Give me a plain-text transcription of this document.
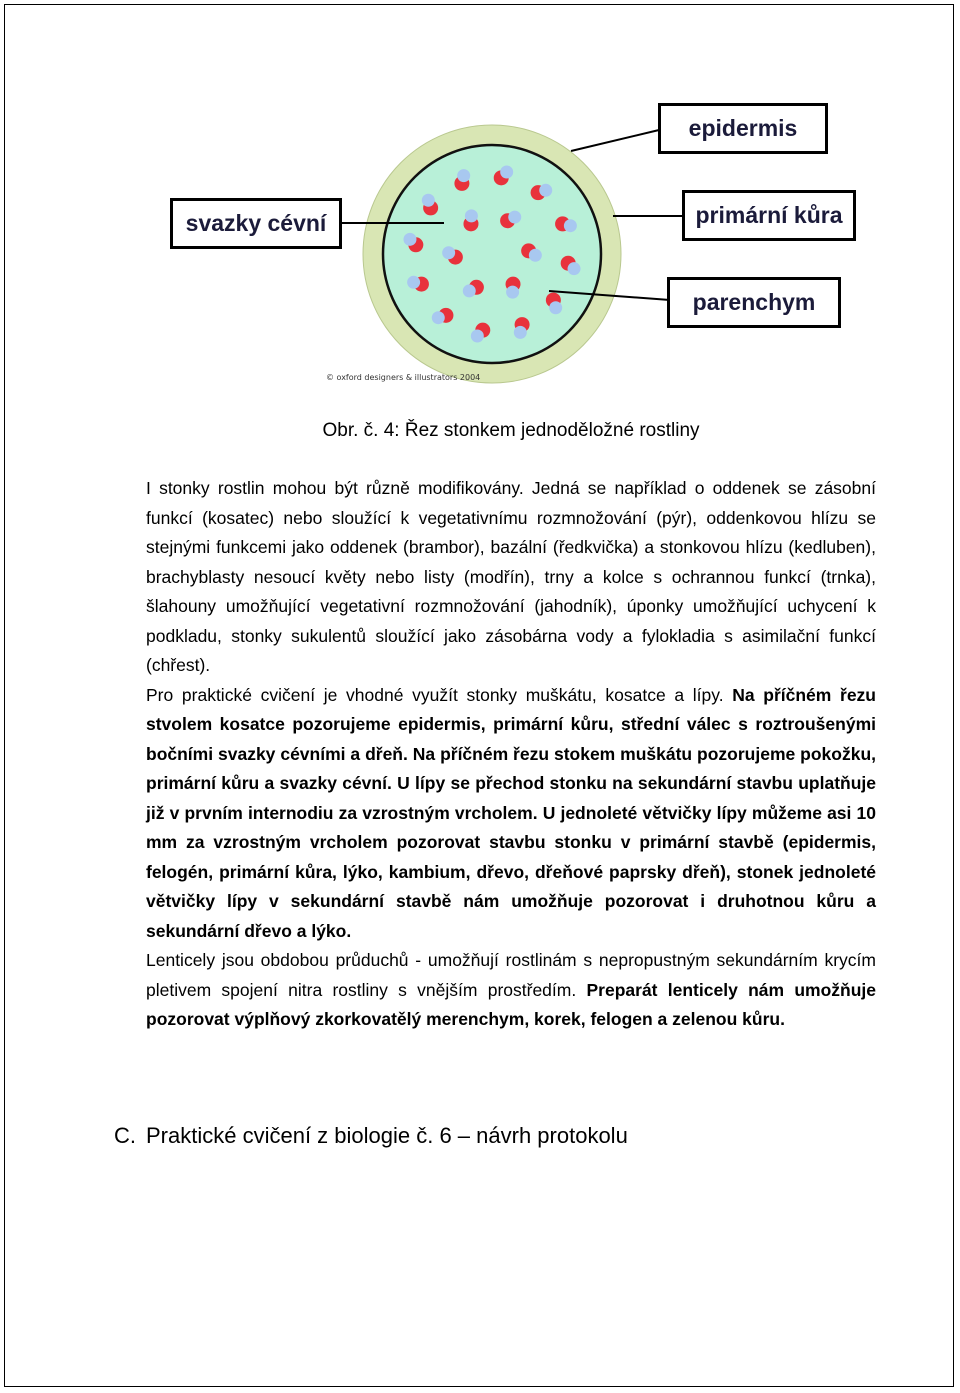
epidermis
primární kůra
parenchym
svazky cévní
© oxford designers & illustrators 2004
Obr. č. 4: Řez stonkem jednoděložné rostliny

I stonky rostlin mohou být různě modifikovány. Jedná se například o oddenek se zásobní funkcí (kosatec) nebo sloužící k vegetativnímu rozmnožování (pýr), oddenkovou hlízu se stejnými funkcemi jako oddenek (brambor), bazální (ředkvička) a stonkovou hlízu (kedluben), brachyblasty nesoucí květy nebo listy (modřín), trny a kolce s ochrannou funkcí (trnka), šlahouny umožňující vegetativní rozmnožování (jahodník), úponky umožňující uchycení k podkladu, stonky sukulentů sloužící jako zásobárna vody a fylokladia s asimilační funkcí (chřest).

Pro praktické cvičení je vhodné využít stonky muškátu, kosatce a lípy. Na příčném řezu stvolem kosatce pozorujeme epidermis, primární kůru, střední válec s roztroušenými bočními svazky cévními a dřeň. Na příčném řezu stokem muškátu pozorujeme pokožku, primární kůru a svazky cévní. U lípy se přechod stonku na sekundární stavbu uplatňuje již v prvním internodiu za vzrostným vrcholem. U jednoleté větvičky lípy můžeme asi 10 mm za vzrostným vrcholem pozorovat stavbu stonku v primární stavbě (epidermis, felogén, primární kůra, lýko, kambium, dřevo, dřeňové paprsky dřeň), stonek jednoleté větvičky lípy v sekundární stavbě nám umožňuje pozorovat i druhotnou kůru a sekundární dřevo a lýko.

Lenticely jsou obdobou průduchů - umožňují rostlinám s nepropustným sekundárním krycím pletivem spojení nitra rostliny s vnějším prostředím. Preparát lenticely nám umožňuje pozorovat výplňový zkorkovatělý merenchym, korek, felogen a zelenou kůru.

C. Praktické cvičení z biologie č. 6 – návrh protokolu
